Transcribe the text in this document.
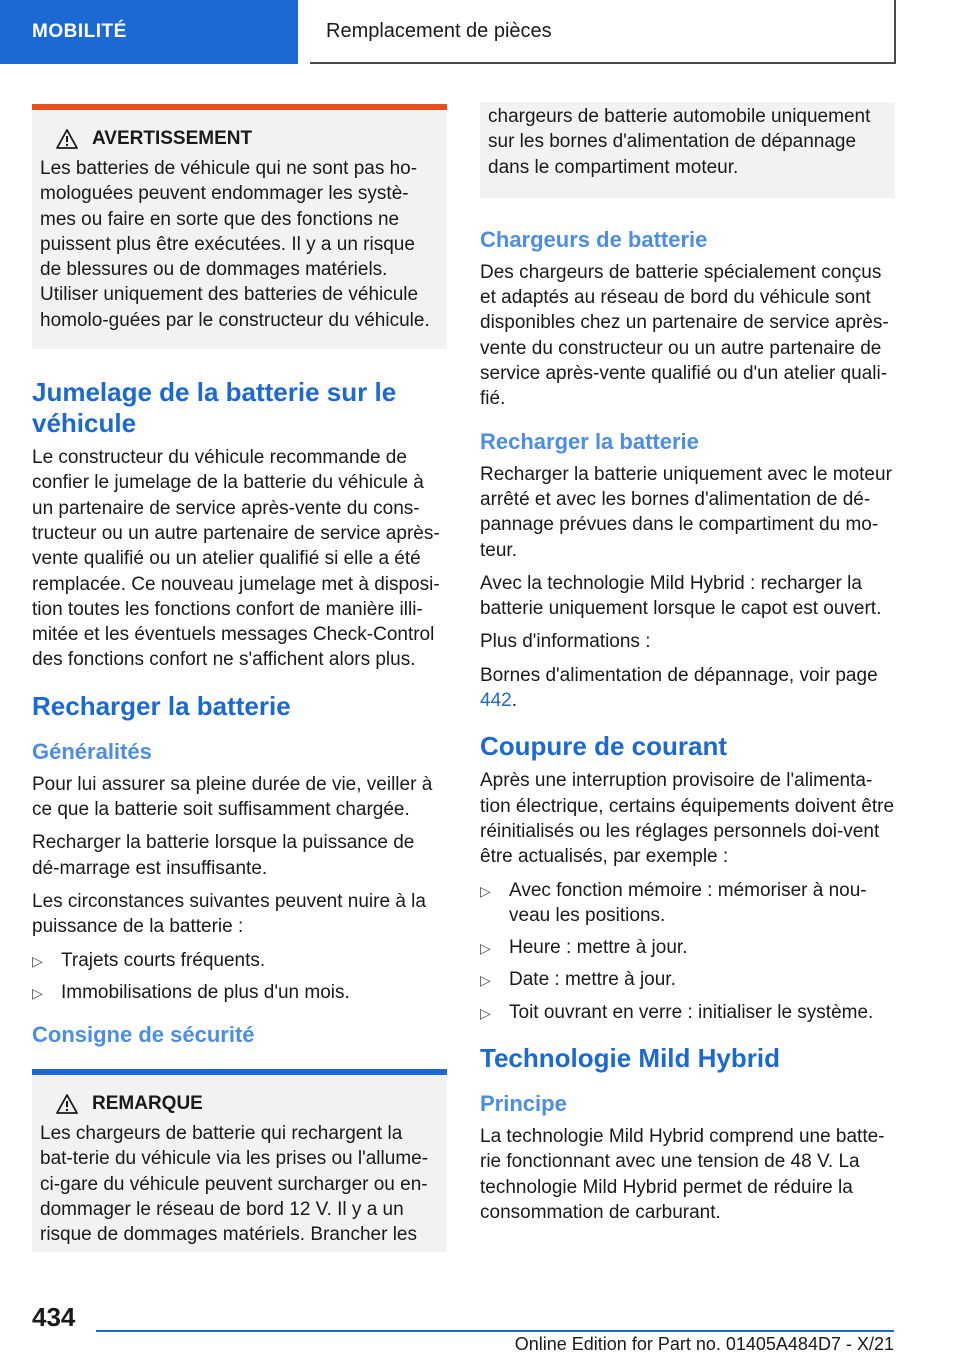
MOBILITÉ	Remplacement de pièces
AVERTISSEMENT

Les batteries de véhicule qui ne sont pas ho-mologuées peuvent endommager les systè-mes ou faire en sorte que des fonctions ne puissent plus être exécutées. Il y a un risque de blessures ou de dommages matériels. Utiliser uniquement des batteries de véhicule homolo-guées par le constructeur du véhicule.

Jumelage de la batterie sur le véhicule

Le constructeur du véhicule recommande de confier le jumelage de la batterie du véhicule à un partenaire de service après-vente du cons-tructeur ou un autre partenaire de service après-vente qualifié ou un atelier qualifié si elle a été remplacée. Ce nouveau jumelage met à disposi-tion toutes les fonctions confort de manière illi-mitée et les éventuels messages Check-Control des fonctions confort ne s'affichent alors plus.

Recharger la batterie
Généralités

Pour lui assurer sa pleine durée de vie, veiller à ce que la batterie soit suffisamment chargée.

Recharger la batterie lorsque la puissance de dé-marrage est insuffisante.

Les circonstances suivantes peuvent nuire à la puissance de la batterie :

▷ Trajets courts fréquents.
▷ Immobilisations de plus d'un mois.
Consigne de sécurité
REMARQUE

Les chargeurs de batterie qui rechargent la bat-terie du véhicule via les prises ou l'allume-ci-gare du véhicule peuvent surcharger ou en-dommager le réseau de bord 12 V. Il y a un risque de dommages matériels. Brancher les

chargeurs de batterie automobile uniquement sur les bornes d'alimentation de dépannage dans le compartiment moteur.

Chargeurs de batterie

Des chargeurs de batterie spécialement conçus et adaptés au réseau de bord du véhicule sont disponibles chez un partenaire de service après-vente du constructeur ou un autre partenaire de service après-vente qualifié ou d'un atelier quali-fié.

Recharger la batterie

Recharger la batterie uniquement avec le moteur arrêté et avec les bornes d'alimentation de dé-pannage prévues dans le compartiment du mo-teur.

Avec la technologie Mild Hybrid : recharger la batterie uniquement lorsque le capot est ouvert.

Plus d'informations :

Bornes d'alimentation de dépannage, voir page 442.

Coupure de courant

Après une interruption provisoire de l'alimenta-tion électrique, certains équipements doivent être réinitialisés ou les réglages personnels doi-vent être actualisés, par exemple :

▷ Avec fonction mémoire : mémoriser à nou-veau les positions.
▷ Heure : mettre à jour.
▷ Date : mettre à jour.
▷ Toit ouvrant en verre : initialiser le système.
Technologie Mild Hybrid
Principe

La technologie Mild Hybrid comprend une batte-rie fonctionnant avec une tension de 48 V. La technologie Mild Hybrid permet de réduire la consommation de carburant.

434
Online Edition for Part no. 01405A484D7 - X/21
